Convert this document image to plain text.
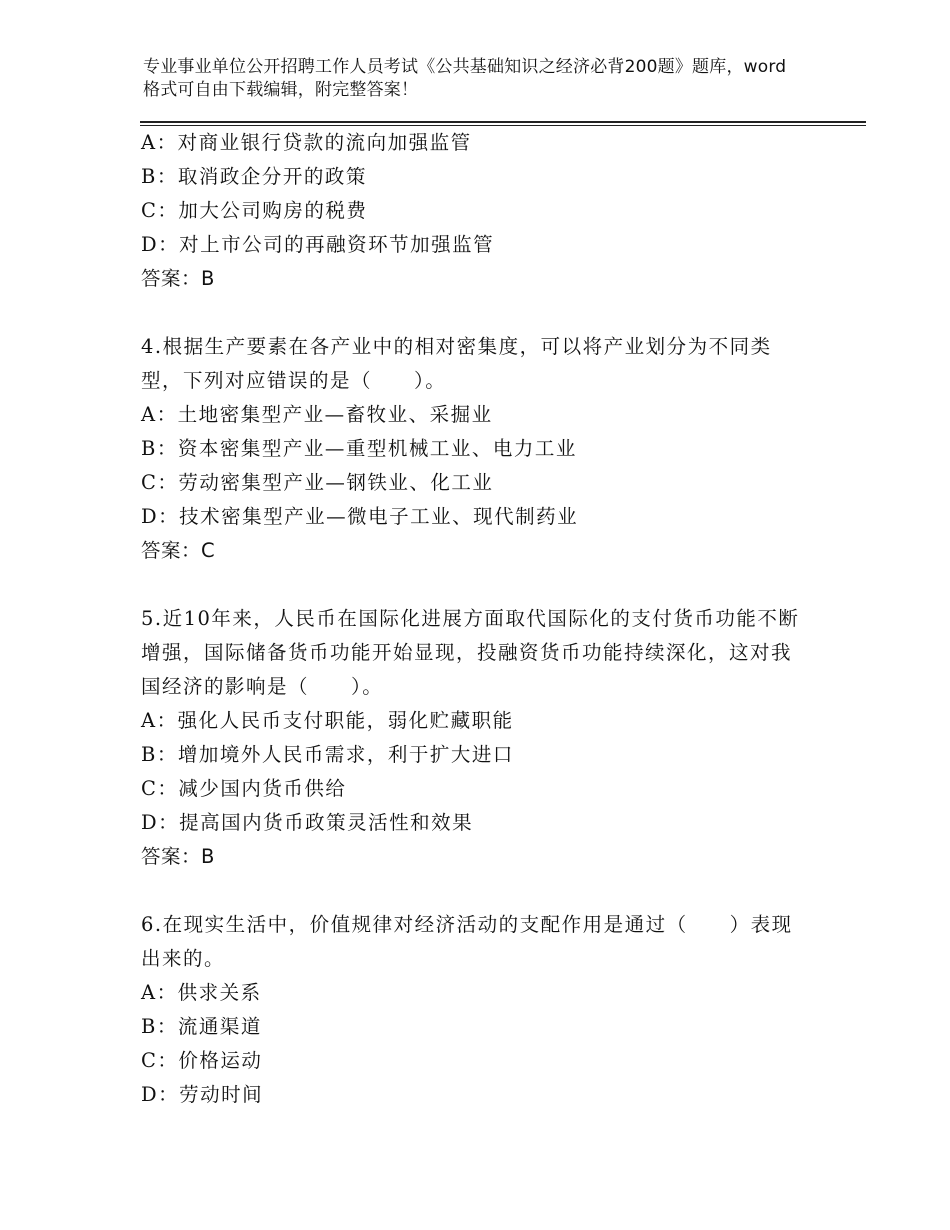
专业事业单位公开招聘工作人员考试《公共基础知识之经济必背200题》题库，word格式可自由下载编辑，附完整答案！
A：对商业银行贷款的流向加强监管
B：取消政企分开的政策
C：加大公司购房的税费
D：对上市公司的再融资环节加强监管
答案：B
4.根据生产要素在各产业中的相对密集度，可以将产业划分为不同类型，下列对应错误的是（　　）。
A：土地密集型产业—畜牧业、采掘业
B：资本密集型产业—重型机械工业、电力工业
C：劳动密集型产业—钢铁业、化工业
D：技术密集型产业—微电子工业、现代制药业
答案：C
5.近10年来，人民币在国际化进展方面取代国际化的支付货币功能不断增强，国际储备货币功能开始显现，投融资货币功能持续深化，这对我国经济的影响是（　　）。
A：强化人民币支付职能，弱化贮藏职能
B：增加境外人民币需求，利于扩大进口
C：减少国内货币供给
D：提高国内货币政策灵活性和效果
答案：B
6.在现实生活中，价值规律对经济活动的支配作用是通过（　　）表现出来的。
A：供求关系
B：流通渠道
C：价格运动
D：劳动时间
